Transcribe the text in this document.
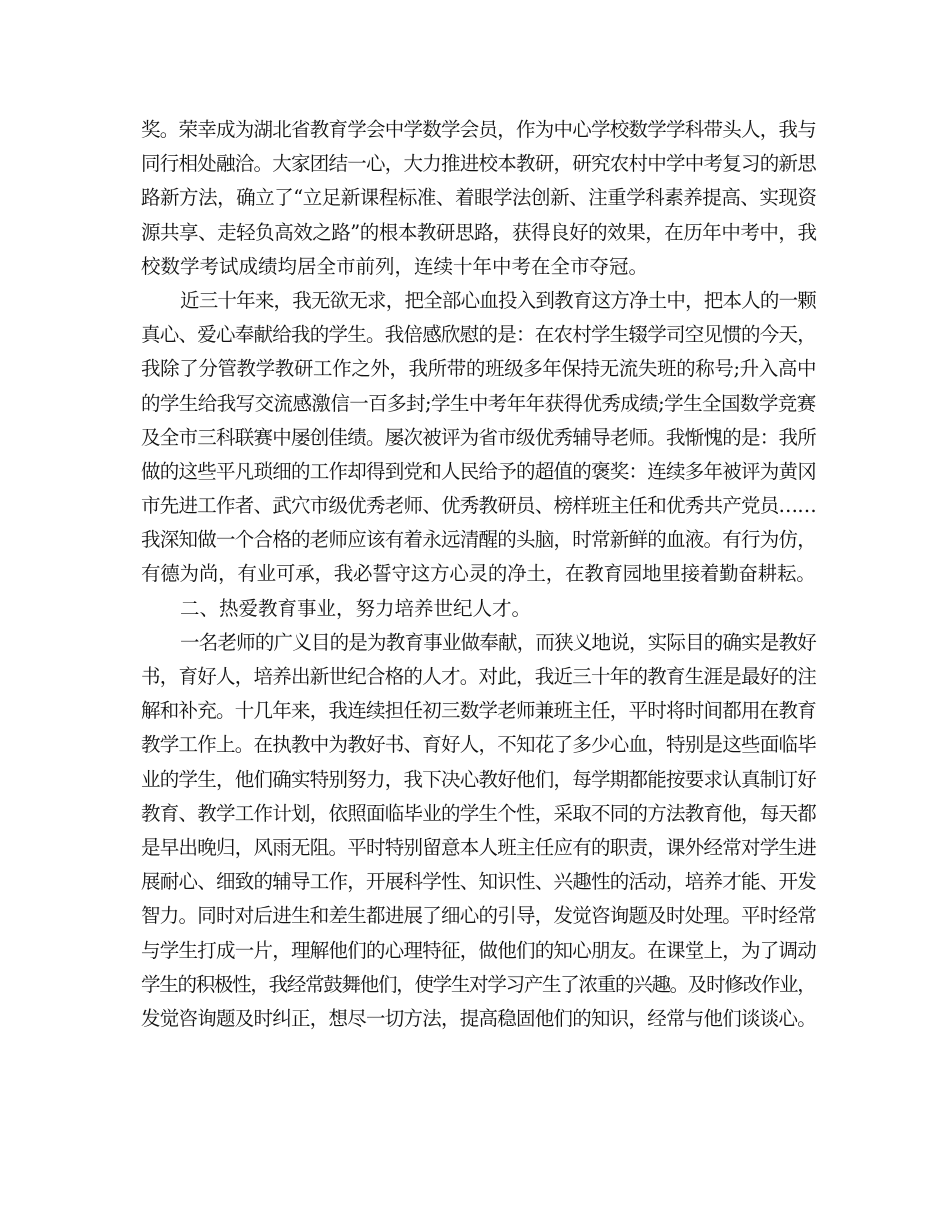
奖。荣幸成为湖北省教育学会中学数学会员，作为中心学校数学学科带头人，我与
同行相处融洽。大家团结一心，大力推进校本教研，研究农村中学中考复习的新思
路新方法，确立了“立足新课程标准、着眼学法创新、注重学科素养提高、实现资
源共享、走轻负高效之路”的根本教研思路，获得良好的效果，在历年中考中，我
校数学考试成绩均居全市前列，连续十年中考在全市夺冠。
近三十年来，我无欲无求，把全部心血投入到教育这方净土中，把本人的一颗
真心、爱心奉献给我的学生。我倍感欣慰的是：在农村学生辍学司空见惯的今天，
我除了分管教学教研工作之外，我所带的班级多年保持无流失班的称号;升入高中
的学生给我写交流感激信一百多封;学生中考年年获得优秀成绩;学生全国数学竞赛
及全市三科联赛中屡创佳绩。屡次被评为省市级优秀辅导老师。我惭愧的是：我所
做的这些平凡琐细的工作却得到党和人民给予的超值的褒奖：连续多年被评为黄冈
市先进工作者、武穴市级优秀老师、优秀教研员、榜样班主任和优秀共产党员……
我深知做一个合格的老师应该有着永远清醒的头脑，时常新鲜的血液。有行为仿，
有德为尚，有业可承，我必誓守这方心灵的净土，在教育园地里接着勤奋耕耘。
二、热爱教育事业，努力培养世纪人才。
一名老师的广义目的是为教育事业做奉献，而狭义地说，实际目的确实是教好
书，育好人，培养出新世纪合格的人才。对此，我近三十年的教育生涯是最好的注
解和补充。十几年来，我连续担任初三数学老师兼班主任，平时将时间都用在教育
教学工作上。在执教中为教好书、育好人，不知花了多少心血，特别是这些面临毕
业的学生，他们确实特别努力，我下决心教好他们，每学期都能按要求认真制订好
教育、教学工作计划，依照面临毕业的学生个性，采取不同的方法教育他，每天都
是早出晚归，风雨无阻。平时特别留意本人班主任应有的职责，课外经常对学生进
展耐心、细致的辅导工作，开展科学性、知识性、兴趣性的活动，培养才能、开发
智力。同时对后进生和差生都进展了细心的引导，发觉咨询题及时处理。平时经常
与学生打成一片，理解他们的心理特征，做他们的知心朋友。在课堂上，为了调动
学生的积极性，我经常鼓舞他们，使学生对学习产生了浓重的兴趣。及时修改作业，
发觉咨询题及时纠正，想尽一切方法，提高稳固他们的知识，经常与他们谈谈心。
